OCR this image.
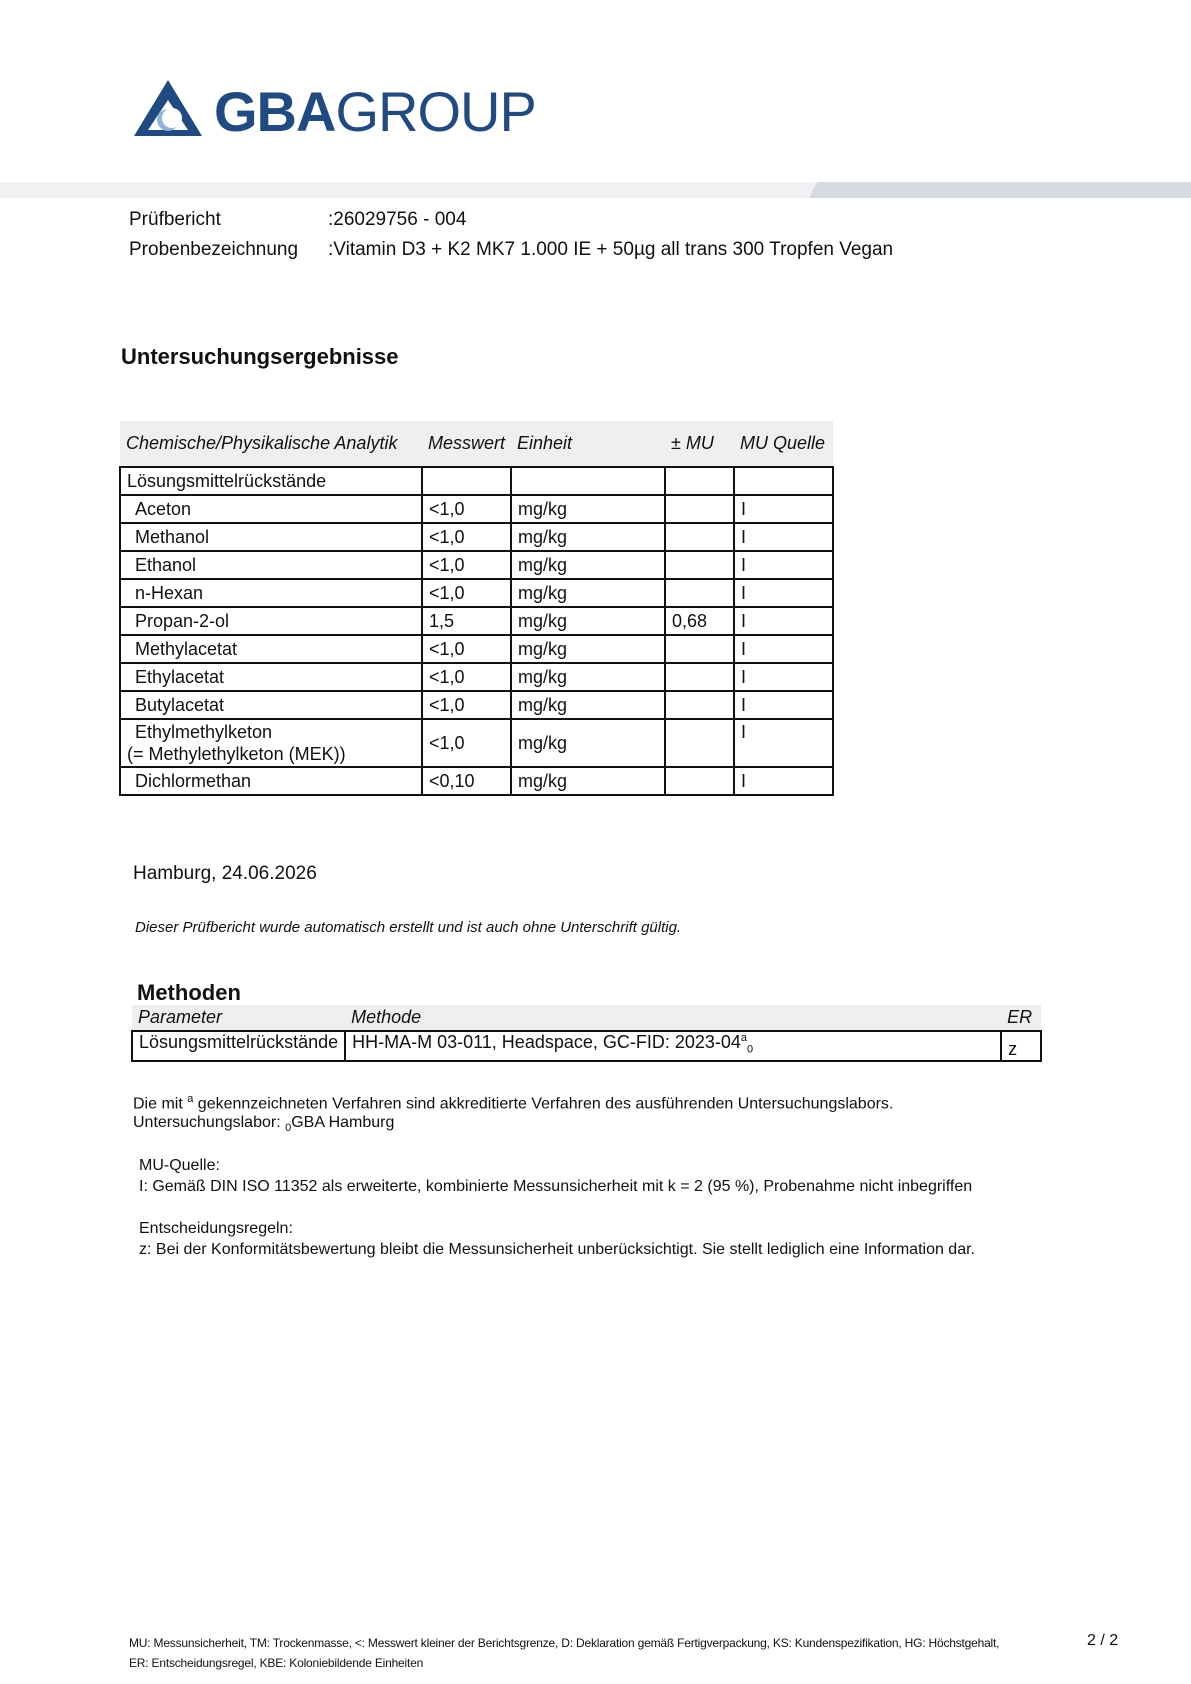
GBAGROUP
Prüfbericht	:26029756 - 004
Probenbezeichnung :Vitamin D3 + K2 MK7 1.000 IE + 50µg all trans 300 Tropfen Vegan
Untersuchungsergebnisse
Chemische/Physikalische Analytik	Messwert	Einheit	± MU	MU Quelle
Lösungsmittelrückstände				
Aceton	<1,0	mg/kg		I
Methanol	<1,0	mg/kg		I
Ethanol	<1,0	mg/kg		I
n-Hexan	<1,0	mg/kg		I
Propan-2-ol	1,5	mg/kg	0,68	I
Methylacetat	<1,0	mg/kg		I
Ethylacetat	<1,0	mg/kg		I
Butylacetat	<1,0	mg/kg		I
Ethylmethylketon
(= Methylethylketon (MEK))	<1,0	mg/kg		I
Dichlormethan	<0,10	mg/kg		I
Hamburg, 24.06.2026
Dieser Prüfbericht wurde automatisch erstellt und ist auch ohne Unterschrift gültig.
Methoden
Parameter	Methode	ER
Lösungsmittelrückstände	HH-MA-M 03-011, Headspace, GC-FID: $2023-04^a_0$	z
Die mit $^a$ gekennzeichneten Verfahren sind akkreditierte Verfahren des ausführenden Untersuchungslabors.
Untersuchungslabor: $_0$GBA Hamburg
MU-Quelle:
I: Gemäß DIN ISO 11352 als erweiterte, kombinierte Messunsicherheit mit k = 2 (95 %), Probenahme nicht inbegriffen
Entscheidungsregeln:
z: Bei der Konformitätsbewertung bleibt die Messunsicherheit unberücksichtigt. Sie stellt lediglich eine Information dar.
MU: Messunsicherheit, TM: Trockenmasse, <: Messwert kleiner der Berichtsgrenze, D: Deklaration gemäß Fertigverpackung, KS: Kundenspezifikation, HG: Höchstgehalt,
ER: Entscheidungsregel, KBE: Koloniebildende Einheiten
2 / 2
